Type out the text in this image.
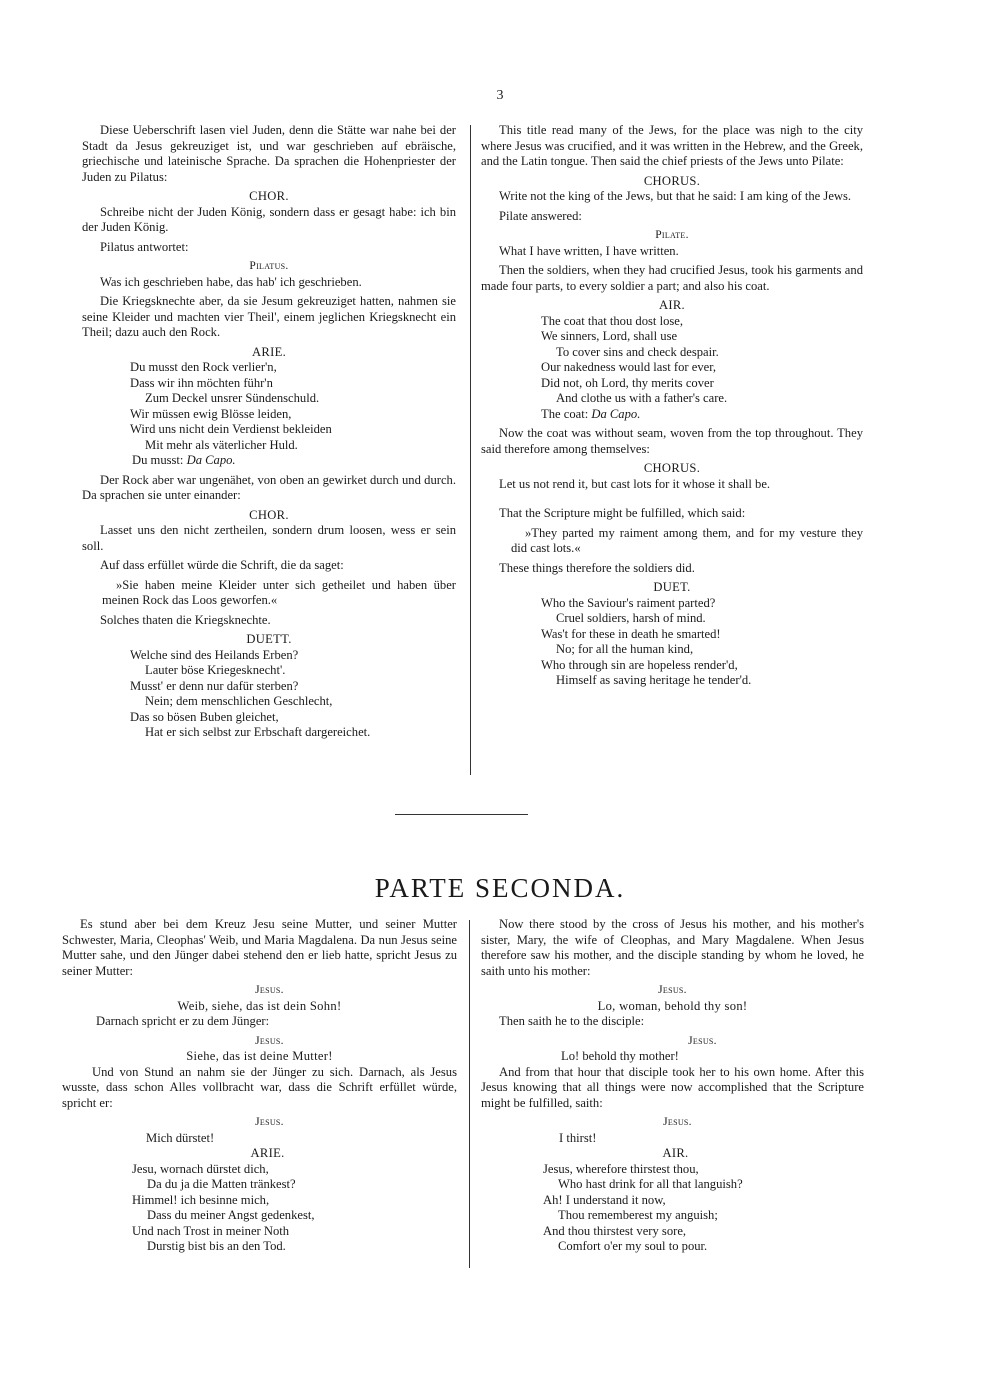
3

Diese Ueberschrift lasen viel Juden, denn die Stätte war nahe bei der Stadt da Jesus gekreuziget ist, und war geschrieben auf ebräische, griechische und lateinische Sprache. Da sprachen die Hohenpriester der Juden zu Pilatus:

CHOR.

Schreibe nicht der Juden König, sondern dass er gesagt habe: ich bin der Juden König.

Pilatus antwortet:

Pilatus.

Was ich geschrieben habe, das hab' ich geschrieben.

Die Kriegsknechte aber, da sie Jesum gekreuziget hatten, nahmen sie seine Kleider und machten vier Theil', einem jeglichen Kriegsknecht ein Theil; dazu auch den Rock.

ARIE.

Du musst den Rock verlier'n,
Dass wir ihn möchten führ'n
Zum Deckel unsrer Sündenschuld.
Wir müssen ewig Blösse leiden,
Wird uns nicht dein Verdienst bekleiden
Mit mehr als väterlicher Huld.

Du musst: Da Capo.

Der Rock aber war ungenähet, von oben an gewirket durch und durch. Da sprachen sie unter einander:

CHOR.

Lasset uns den nicht zertheilen, sondern drum loosen, wess er sein soll.

Auf dass erfüllet würde die Schrift, die da saget:

»Sie haben meine Kleider unter sich getheilet und haben über meinen Rock das Loos geworfen.«

Solches thaten die Kriegsknechte.

DUETT.

Welche sind des Heilands Erben?
Lauter böse Kriegesknecht'.
Musst' er denn nur dafür sterben?
Nein; dem menschlichen Geschlecht,
Das so bösen Buben gleichet,
Hat er sich selbst zur Erbschaft dargereichet.

This title read many of the Jews, for the place was nigh to the city where Jesus was crucified, and it was written in the Hebrew, and the Greek, and the Latin tongue. Then said the chief priests of the Jews unto Pilate:

CHORUS.

Write not the king of the Jews, but that he said: I am king of the Jews.

Pilate answered:

Pilate.

What I have written, I have written.

Then the soldiers, when they had crucified Jesus, took his garments and made four parts, to every soldier a part; and also his coat.

AIR.

The coat that thou dost lose,
We sinners, Lord, shall use
To cover sins and check despair.
Our nakedness would last for ever,
Did not, oh Lord, thy merits cover
And clothe us with a father's care.

The coat: Da Capo.

Now the coat was without seam, woven from the top throughout. They said therefore among themselves:

CHORUS.

Let us not rend it, but cast lots for it whose it shall be.

That the Scripture might be fulfilled, which said:

»They parted my raiment among them, and for my vesture they did cast lots.«

These things therefore the soldiers did.

DUET.

Who the Saviour's raiment parted?
Cruel soldiers, harsh of mind.
Was't for these in death he smarted!
No; for all the human kind,
Who through sin are hopeless render'd,
Himself as saving heritage he tender'd.
PARTE SECONDA.

Es stund aber bei dem Kreuz Jesu seine Mutter, und seiner Mutter Schwester, Maria, Cleophas' Weib, und Maria Magdalena. Da nun Jesus seine Mutter sahe, und den Jünger dabei stehend den er lieb hatte, spricht Jesus zu seiner Mutter:

Jesus.

Weib, siehe, das ist dein Sohn!

Darnach spricht er zu dem Jünger:

Jesus.

Siehe, das ist deine Mutter!

Und von Stund an nahm sie der Jünger zu sich. Darnach, als Jesus wusste, dass schon Alles vollbracht war, dass die Schrift erfüllet würde, spricht er:

Jesus.

Mich dürstet!

ARIE.

Jesu, wornach dürstet dich,
Da du ja die Matten tränkest?
Himmel! ich besinne mich,
Dass du meiner Angst gedenkest,
Und nach Trost in meiner Noth
Durstig bist bis an den Tod.

Now there stood by the cross of Jesus his mother, and his mother's sister, Mary, the wife of Cleophas, and Mary Magdalene. When Jesus therefore saw his mother, and the disciple standing by whom he loved, he saith unto his mother:

Jesus.

Lo, woman, behold thy son!

Then saith he to the disciple:

Jesus.

Lo! behold thy mother!

And from that hour that disciple took her to his own home. After this Jesus knowing that all things were now accomplished that the Scripture might be fulfilled, saith:

Jesus.

I thirst!

AIR.

Jesus, wherefore thirstest thou,
Who hast drink for all that languish?
Ah! I understand it now,
Thou rememberest my anguish;
And thou thirstest very sore,
Comfort o'er my soul to pour.
